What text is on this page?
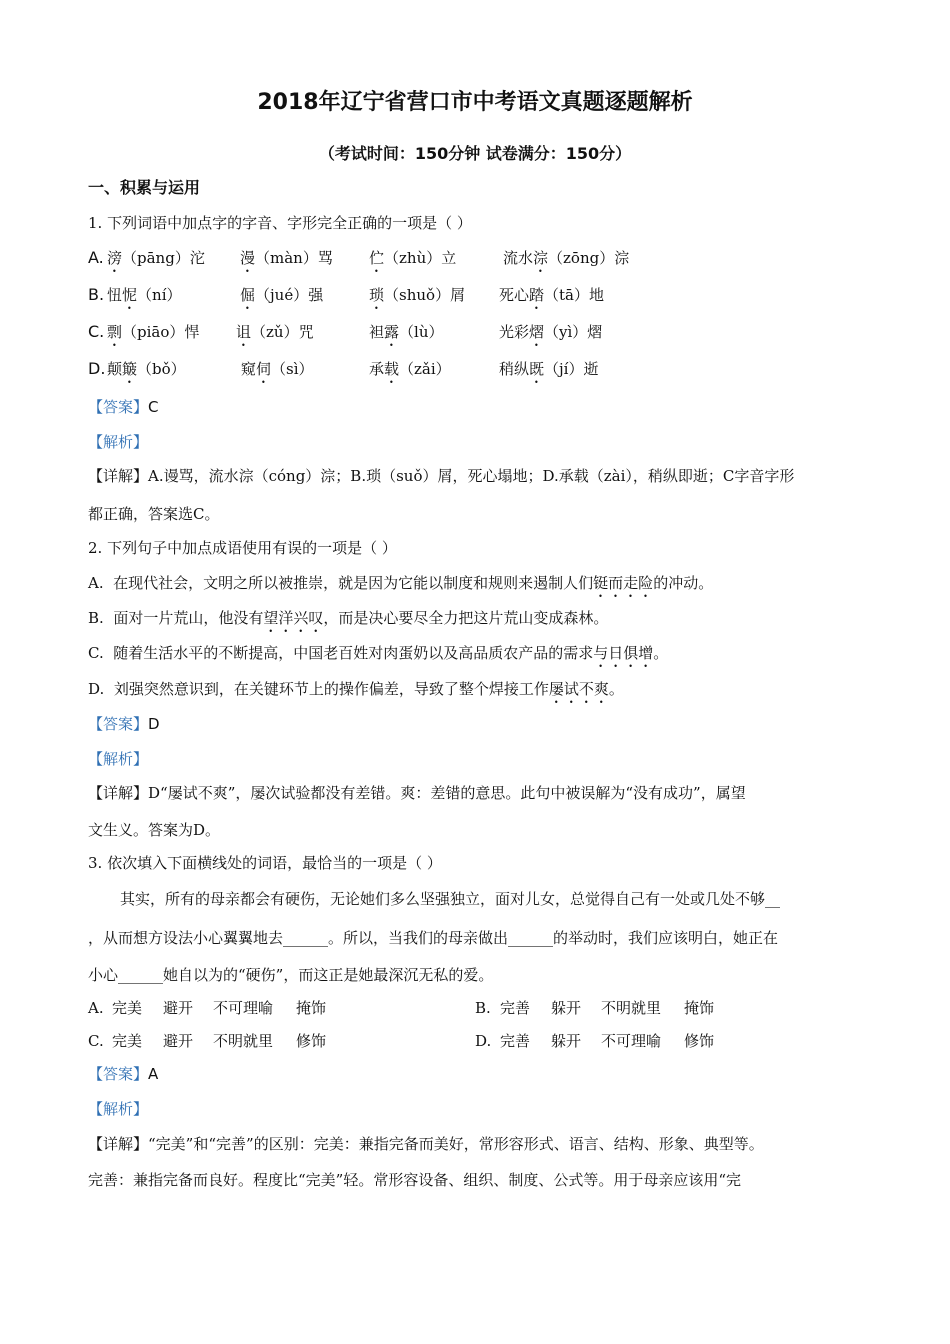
2018年辽宁省营口市中考语文真题逐题解析
（考试时间：150分钟 试卷满分：150分）
一、积累与运用
1. 下列词语中加点字的字音、字形完全正确的一项是（ ）
A. 滂（pāng）沱 漫（màn）骂 伫（zhù）立	流水淙（zōng）淙
B. 忸怩（ní）	倔（jué）强	琐（shuǒ）屑 死心踏（tā）地
C. 剽（piāo）悍 诅（zǔ）咒	袒露（lù）	光彩熠（yì）熠
D. 颠簸（bǒ）	窥伺（sì）	承载（zǎi）	稍纵既（jí）逝
【答案】C
【解析】
【详解】A.谩骂，流水淙（cóng）淙；B.琐（suǒ）屑，死心塌地；D.承载（zài），稍纵即逝；C字音字形
都正确，答案选C。
2. 下列句子中加点成语使用有误的一项是（ ）
A. 在现代社会，文明之所以被推崇，就是因为它能以制度和规则来遏制人们铤而走险的冲动。
B. 面对一片荒山，他没有望洋兴叹，而是决心要尽全力把这片荒山变成森林。
C. 随着生活水平的不断提高，中国老百姓对肉蛋奶以及高品质农产品的需求与日俱增。
D. 刘强突然意识到，在关键环节上的操作偏差，导致了整个焊接工作屡试不爽。
【答案】D
【解析】
【详解】D“屡试不爽”，屡次试验都没有差错。爽：差错的意思。此句中被误解为“没有成功”，属望
文生义。答案为D。
3. 依次填入下面横线处的词语，最恰当的一项是（ ）
其实，所有的母亲都会有硬伤，无论她们多么坚强独立，面对儿女，总觉得自己有一处或几处不够__
，从而想方设法小心翼翼地去______。所以，当我们的母亲做出______的举动时，我们应该明白，她正在
小心______她自以为的“硬伤”，而这正是她最深沉无私的爱。
A. 完美 避开 不可理喻 掩饰	B. 完善 躲开 不明就里 掩饰
C. 完美 避开 不明就里 修饰	D. 完善 躲开 不可理喻 修饰
【答案】A
【解析】
【详解】“完美”和“完善”的区别：完美：兼指完备而美好，常形容形式、语言、结构、形象、典型等。
完善：兼指完备而良好。程度比“完美”轻。常形容设备、组织、制度、公式等。用于母亲应该用“完
